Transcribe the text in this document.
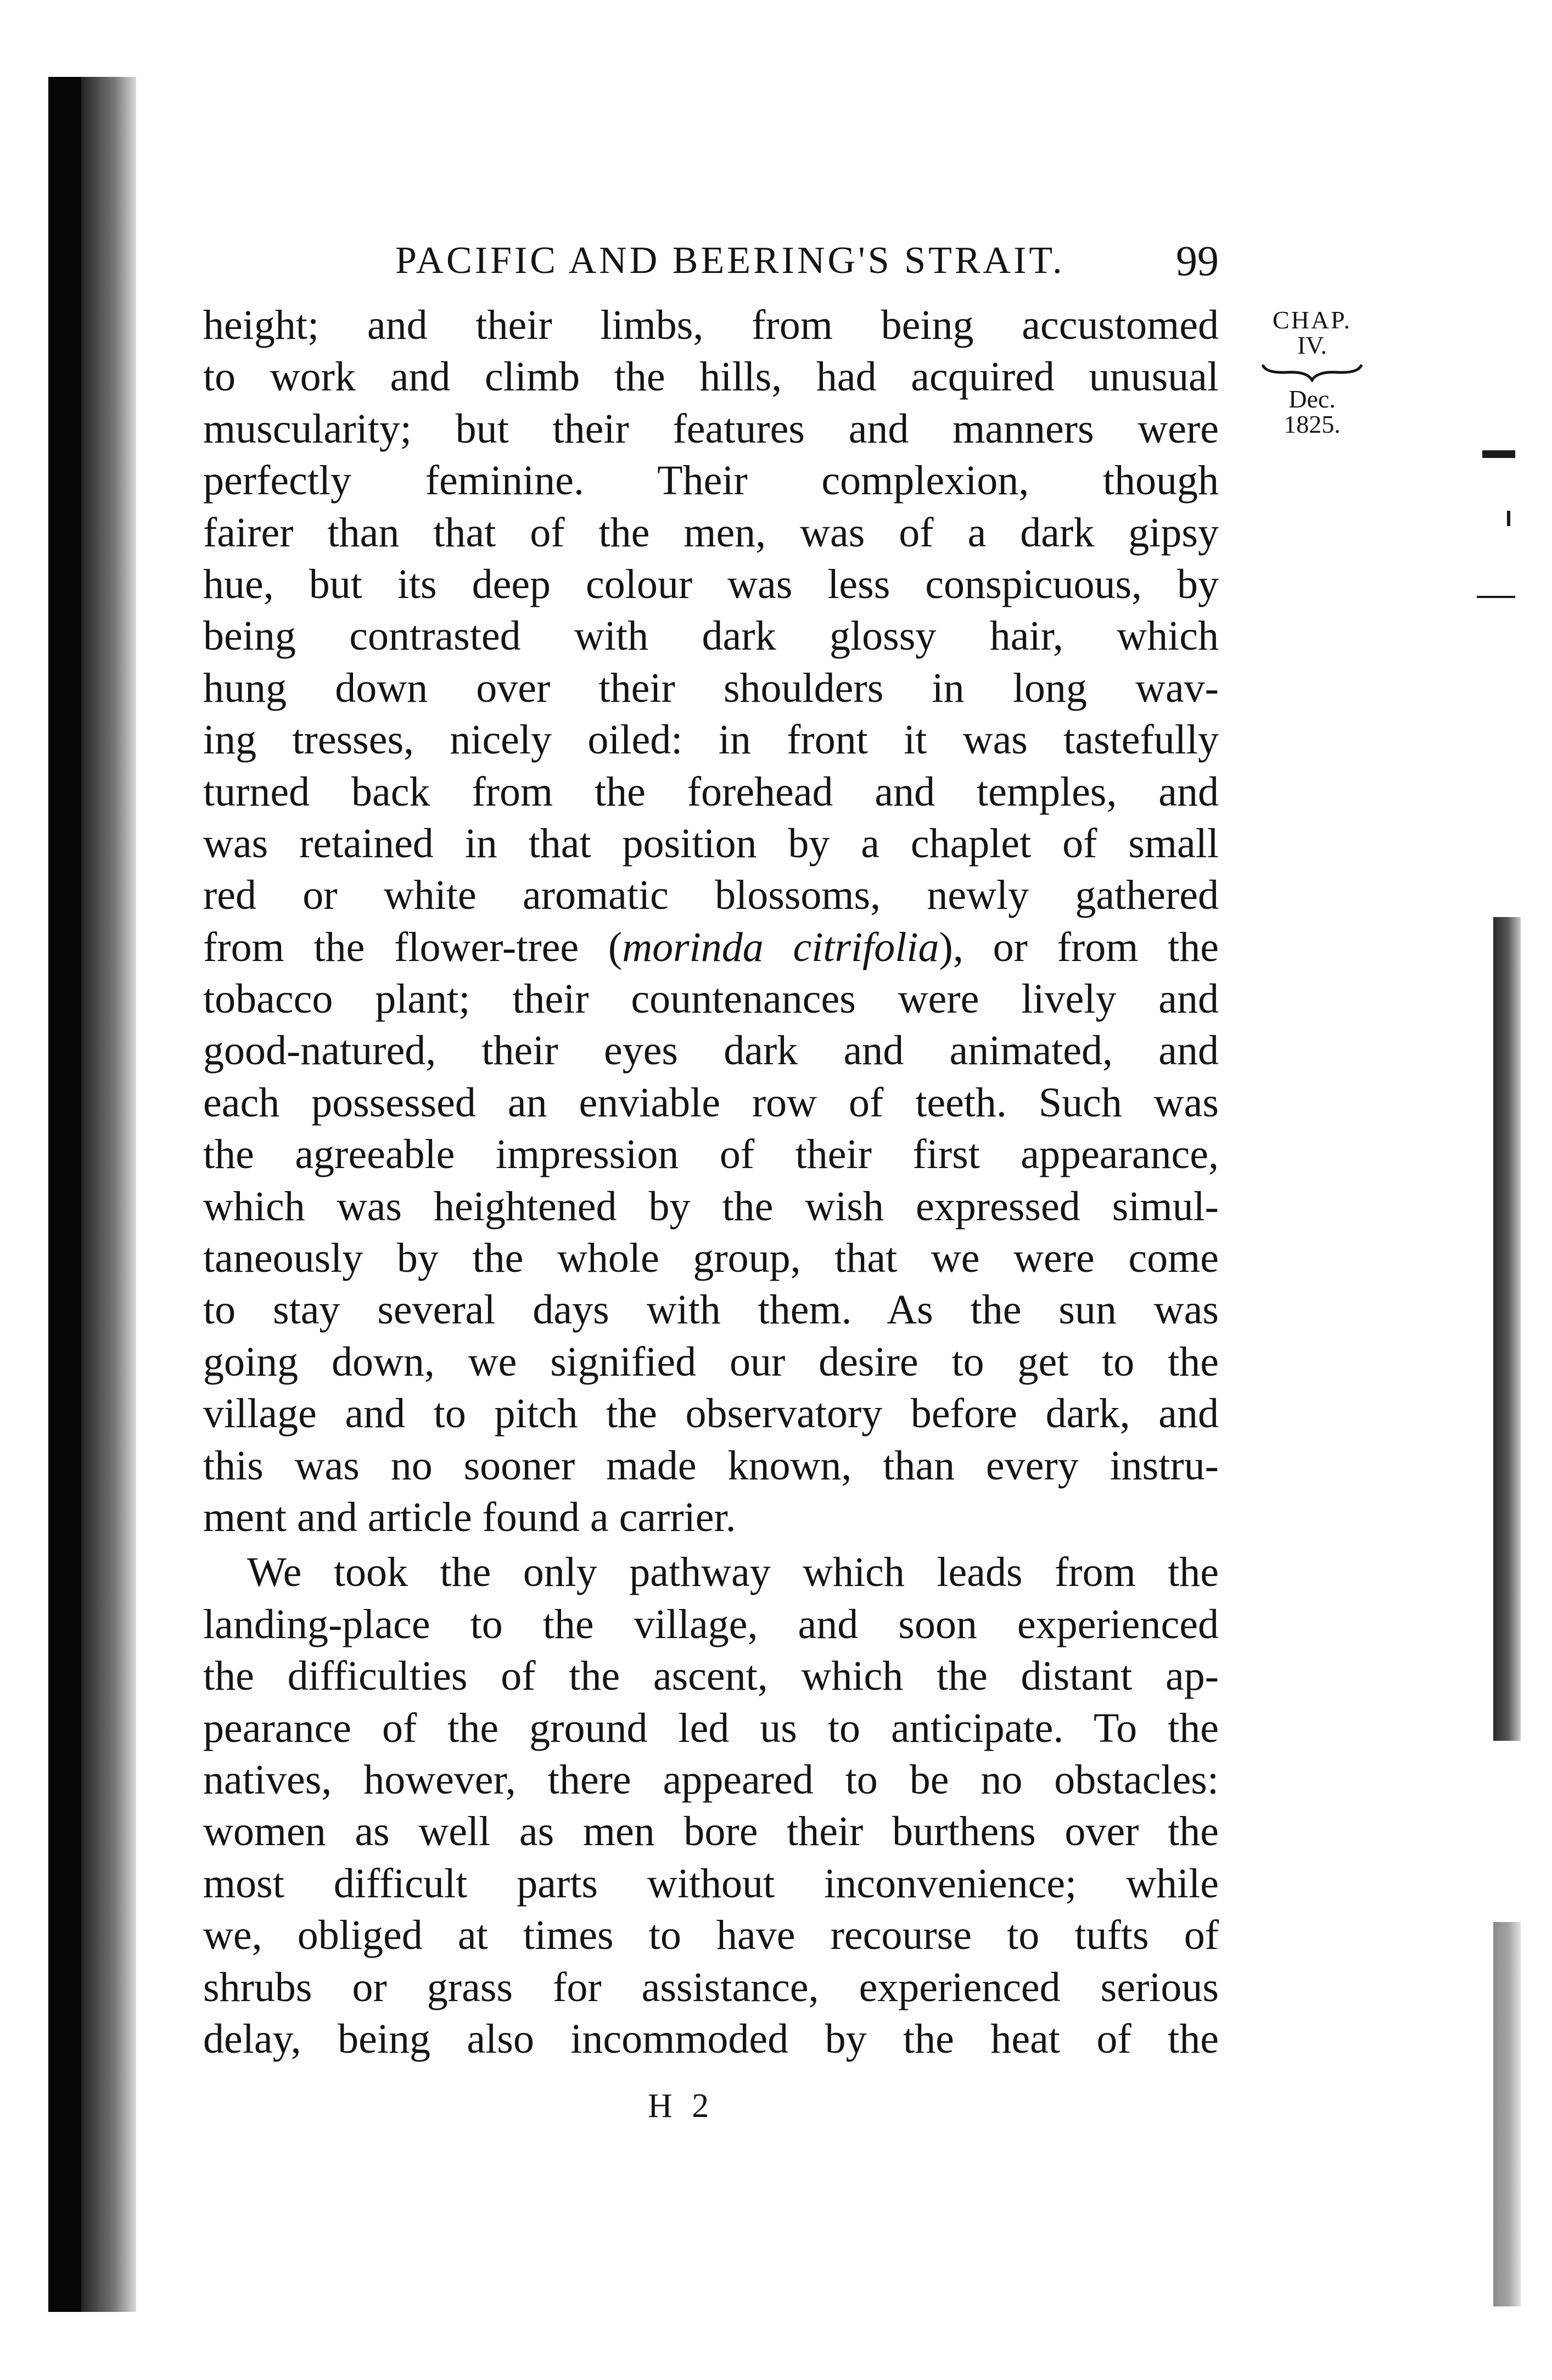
PACIFIC AND BEERING'S STRAIT.	99
CHAP.
IV.
Dec.
1825.
height; and their limbs, from being accustomed
to work and climb the hills, had acquired unusual
muscularity; but their features and manners were
perfectly feminine. Their complexion, though
fairer than that of the men, was of a dark gipsy
hue, but its deep colour was less conspicuous, by
being contrasted with dark glossy hair, which
hung down over their shoulders in long wav-
ing tresses, nicely oiled: in front it was tastefully
turned back from the forehead and temples, and
was retained in that position by a chaplet of small
red or white aromatic blossoms, newly gathered
from the flower-tree (morinda citrifolia), or from the
tobacco plant; their countenances were lively and
good-natured, their eyes dark and animated, and
each possessed an enviable row of teeth. Such was
the agreeable impression of their first appearance,
which was heightened by the wish expressed simul-
taneously by the whole group, that we were come
to stay several days with them. As the sun was
going down, we signified our desire to get to the
village and to pitch the observatory before dark, and
this was no sooner made known, than every instru-
ment and article found a carrier.
We took the only pathway which leads from the
landing-place to the village, and soon experienced
the difficulties of the ascent, which the distant ap-
pearance of the ground led us to anticipate. To the
natives, however, there appeared to be no obstacles:
women as well as men bore their burthens over the
most difficult parts without inconvenience; while
we, obliged at times to have recourse to tufts of
shrubs or grass for assistance, experienced serious
delay, being also incommoded by the heat of the
H 2
